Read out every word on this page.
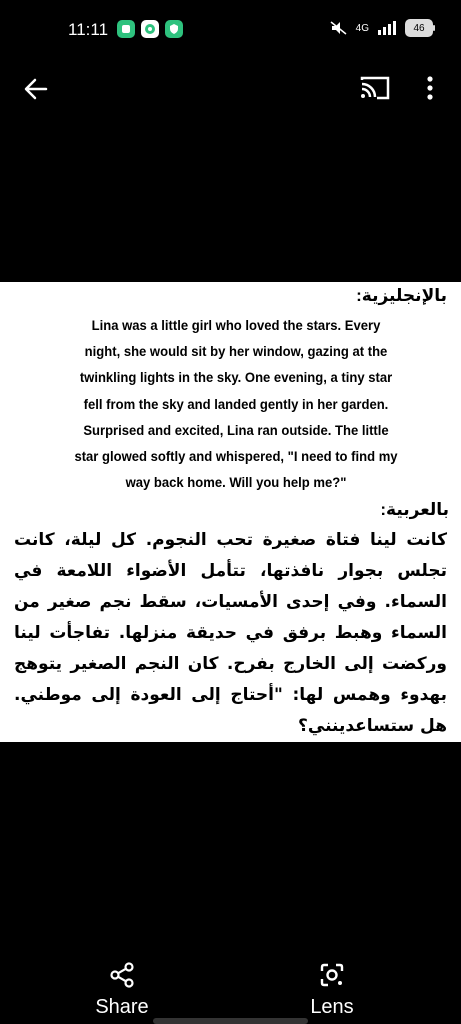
11:11	4G	46
بالإنجليزية:
Lina was a little girl who loved the stars. Every night, she would sit by her window, gazing at the twinkling lights in the sky. One evening, a tiny star fell from the sky and landed gently in her garden. Surprised and excited, Lina ran outside. The little star glowed softly and whispered, "I need to find my way back home. Will you help me?"
بالعربية:
كانت لينا فتاة صغيرة تحب النجوم. كل ليلة، كانت تجلس بجوار نافذتها، تتأمل الأضواء اللامعة في السماء. وفي إحدى الأمسيات، سقط نجم صغير من السماء وهبط برفق في حديقة منزلها. تفاجأت لينا وركضت إلى الخارج بفرح. كان النجم الصغير يتوهج بهدوء وهمس لها: "أحتاج إلى العودة إلى موطني. هل ستساعدينني؟
Share	Lens
